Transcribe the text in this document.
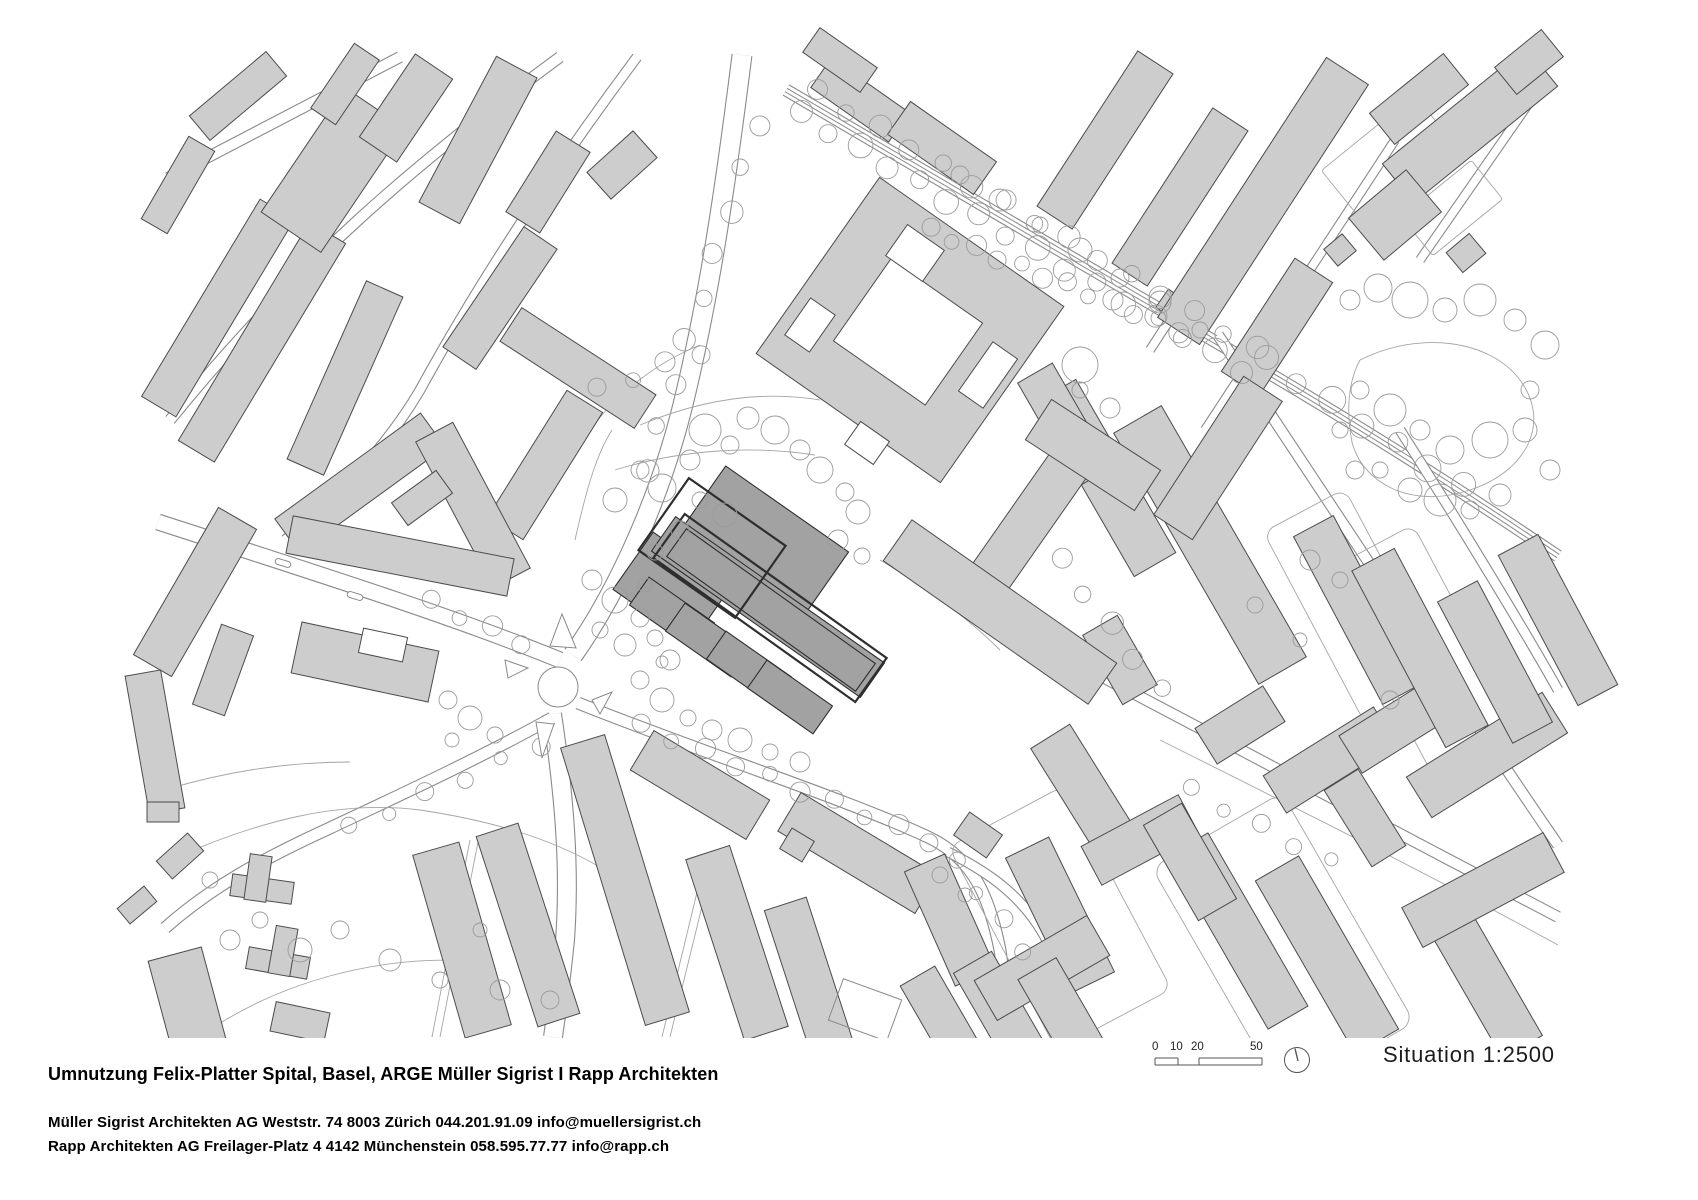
0 10 20	50	Situation 1:2500
Umnutzung Felix-Platter Spital, Basel, ARGE Müller Sigrist I Rapp Architekten
Müller Sigrist Architekten AG Weststr. 74 8003 Zürich 044.201.91.09 info@muellersigrist.ch
Rapp Architekten AG Freilager-Platz 4 4142 Münchenstein 058.595.77.77 info@rapp.ch
